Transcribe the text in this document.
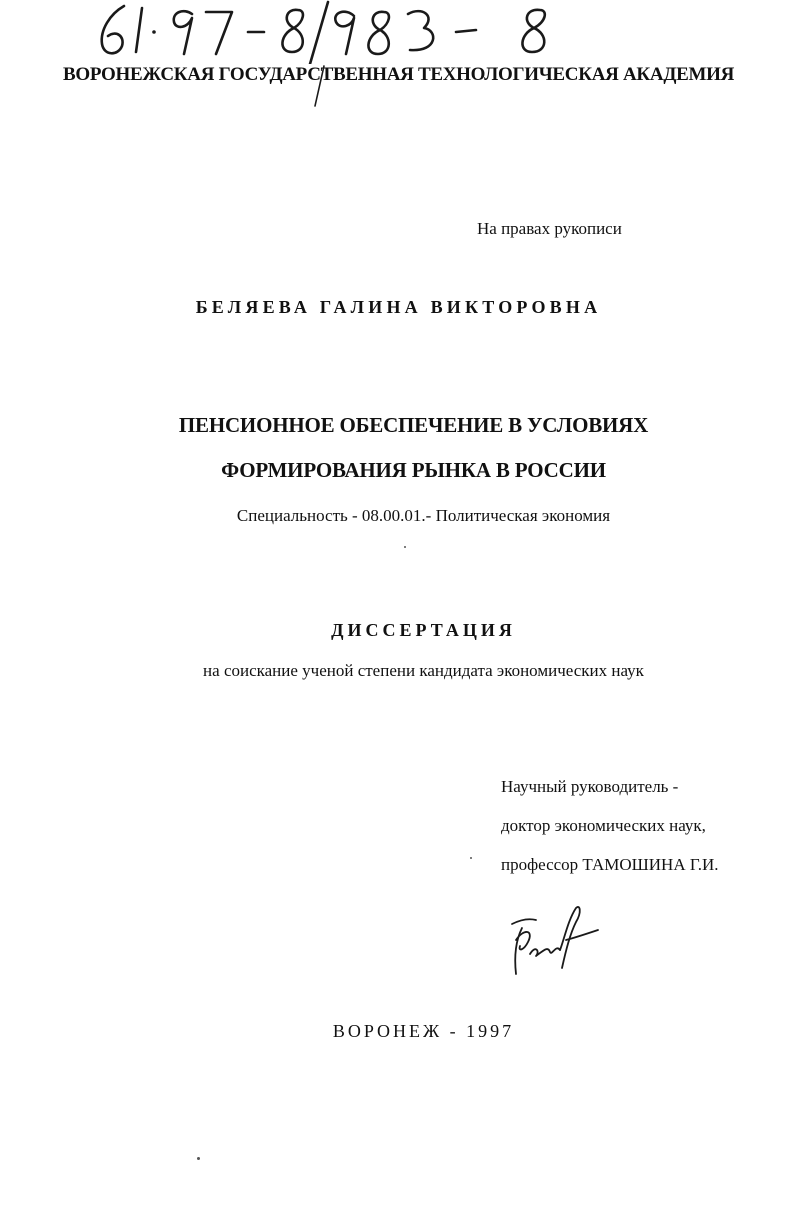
ВОРОНЕЖСКАЯ ГОСУДАРСТВЕННАЯ ТЕХНОЛОГИЧЕСКАЯ АКАДЕМИЯ
На правах рукописи
БЕЛЯЕВА ГАЛИНА ВИКТОРОВНА
ПЕНСИОННОЕ ОБЕСПЕЧЕНИЕ В УСЛОВИЯХ
ФОРМИРОВАНИЯ РЫНКА В РОССИИ
Специальность - 08.00.01.- Политическая экономия
ДИССЕРТАЦИЯ
на соискание ученой степени кандидата экономических наук
Научный руководитель -
доктор экономических наук,
профессор ТАМОШИНА Г.И.
ВОРОНЕЖ - 1997
